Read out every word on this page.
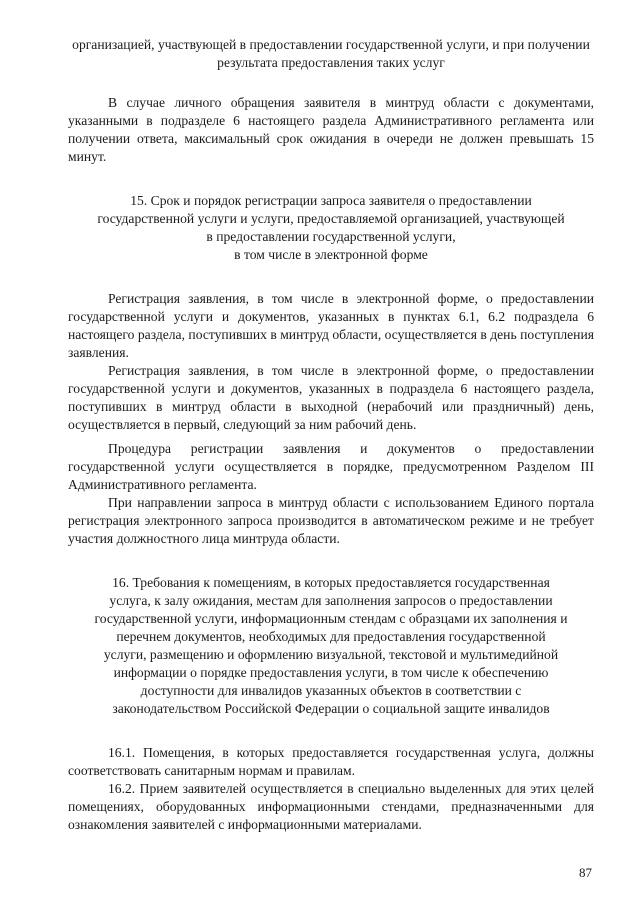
организацией, участвующей в предоставлении государственной услуги, и при получении результата предоставления таких услуг

В случае личного обращения заявителя в минтруд области с документами, указанными в подразделе 6 настоящего раздела Административного регламента или получении ответа, максимальный срок ожидания в очереди не должен превышать 15 минут.

15. Срок и порядок регистрации запроса заявителя о предоставлении

государственной услуги и услуги, предоставляемой организацией, участвующей

в предоставлении государственной услуги,

в том числе в электронной форме

Регистрация заявления, в том числе в электронной форме, о предоставлении государственной услуги и документов, указанных в пунктах 6.1, 6.2 подраздела 6 настоящего раздела, поступивших в минтруд области, осуществляется в день поступления заявления.

Регистрация заявления, в том числе в электронной форме, о предоставлении государственной услуги и документов, указанных в подраздела 6 настоящего раздела, поступивших в минтруд области в выходной (нерабочий или праздничный) день, осуществляется в первый, следующий за ним рабочий день.

Процедура регистрации заявления и документов о предоставлении государственной услуги осуществляется в порядке, предусмотренном Разделом III Административного регламента.

При направлении запроса в минтруд области с использованием Единого портала регистрация электронного запроса производится в автоматическом режиме и не требует участия должностного лица минтруда области.

16. Требования к помещениям, в которых предоставляется государственная

услуга, к залу ожидания, местам для заполнения запросов о предоставлении

государственной услуги, информационным стендам с образцами их заполнения и

перечнем документов, необходимых для предоставления государственной

услуги, размещению и оформлению визуальной, текстовой и мультимедийной

информации о порядке предоставления услуги, в том числе к обеспечению

доступности для инвалидов указанных объектов в соответствии с

законодательством Российской Федерации о социальной защите инвалидов

16.1. Помещения, в которых предоставляется государственная услуга, должны соответствовать санитарным нормам и правилам.

16.2. Прием заявителей осуществляется в специально выделенных для этих целей помещениях, оборудованных информационными стендами, предназначенными для ознакомления заявителей с информационными материалами.

87
